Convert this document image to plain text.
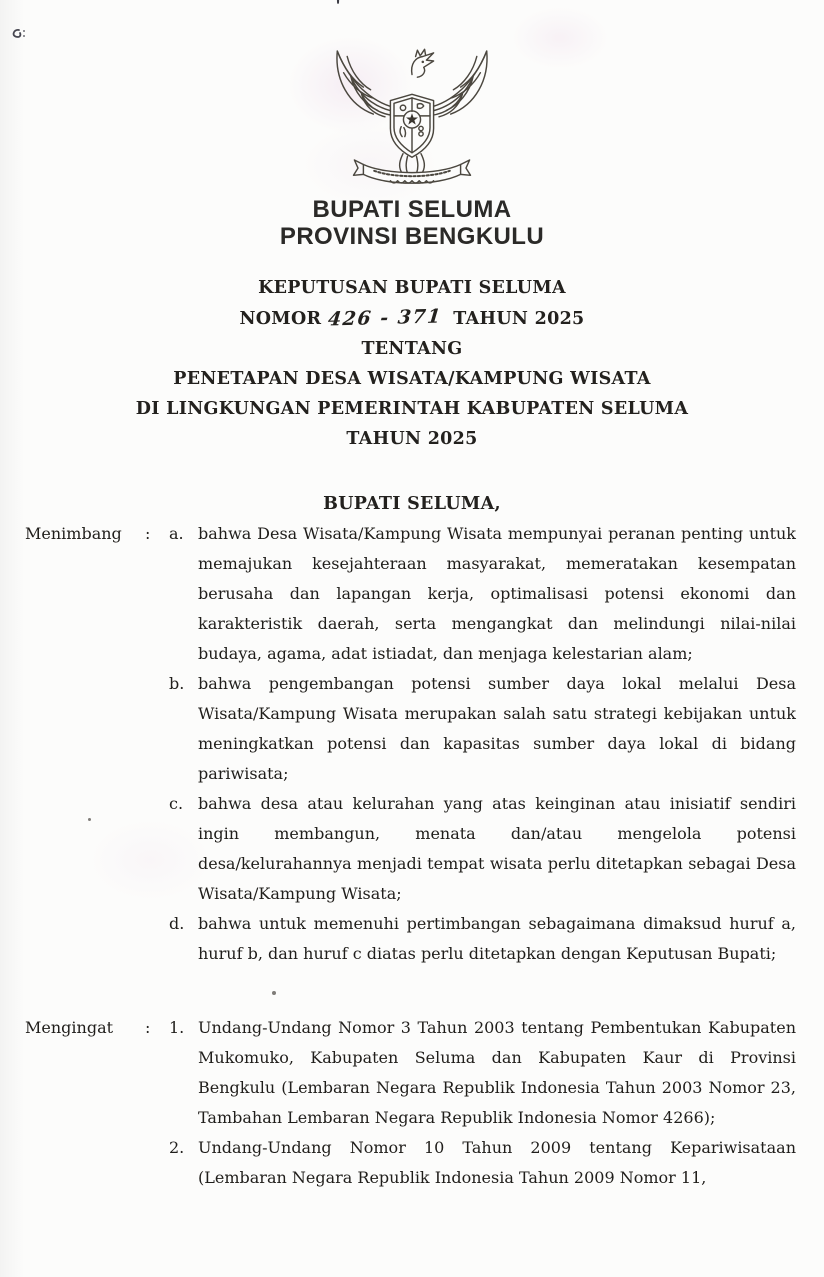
'
BUPATI SELUMA
PROVINSI BENGKULU
KEPUTUSAN BUPATI SELUMA
NOMOR 426 - 371 TAHUN 2025
TENTANG
PENETAPAN DESA WISATA/KAMPUNG WISATA
DI LINGKUNGAN PEMERINTAH KABUPATEN SELUMA
TAHUN 2025
BUPATI SELUMA,
Menimbang	:	a. bahwa Desa Wisata/Kampung Wisata mempunyai peranan penting untuk memajukan kesejahteraan masyarakat, memeratakan kesempatan berusaha dan lapangan kerja, optimalisasi potensi ekonomi dan karakteristik daerah, serta mengangkat dan melindungi nilai-nilai budaya, agama, adat istiadat, dan menjaga kelestarian alam;
b. bahwa pengembangan potensi sumber daya lokal melalui Desa Wisata/Kampung Wisata merupakan salah satu strategi kebijakan untuk meningkatkan potensi dan kapasitas sumber daya lokal di bidang pariwisata;
c. bahwa desa atau kelurahan yang atas keinginan atau inisiatif sendiri ingin membangun, menata dan/atau mengelola potensi desa/kelurahannya menjadi tempat wisata perlu ditetapkan sebagai Desa Wisata/Kampung Wisata;
d. bahwa untuk memenuhi pertimbangan sebagaimana dimaksud huruf a, huruf b, dan huruf c diatas perlu ditetapkan dengan Keputusan Bupati;
Mengingat	:	1. Undang-Undang Nomor 3 Tahun 2003 tentang Pembentukan Kabupaten Mukomuko, Kabupaten Seluma dan Kabupaten Kaur di Provinsi Bengkulu (Lembaran Negara Republik Indonesia Tahun 2003 Nomor 23, Tambahan Lembaran Negara Republik Indonesia Nomor 4266);
2. Undang-Undang Nomor 10 Tahun 2009 tentang Kepariwisataan (Lembaran Negara Republik Indonesia Tahun 2009 Nomor 11,
